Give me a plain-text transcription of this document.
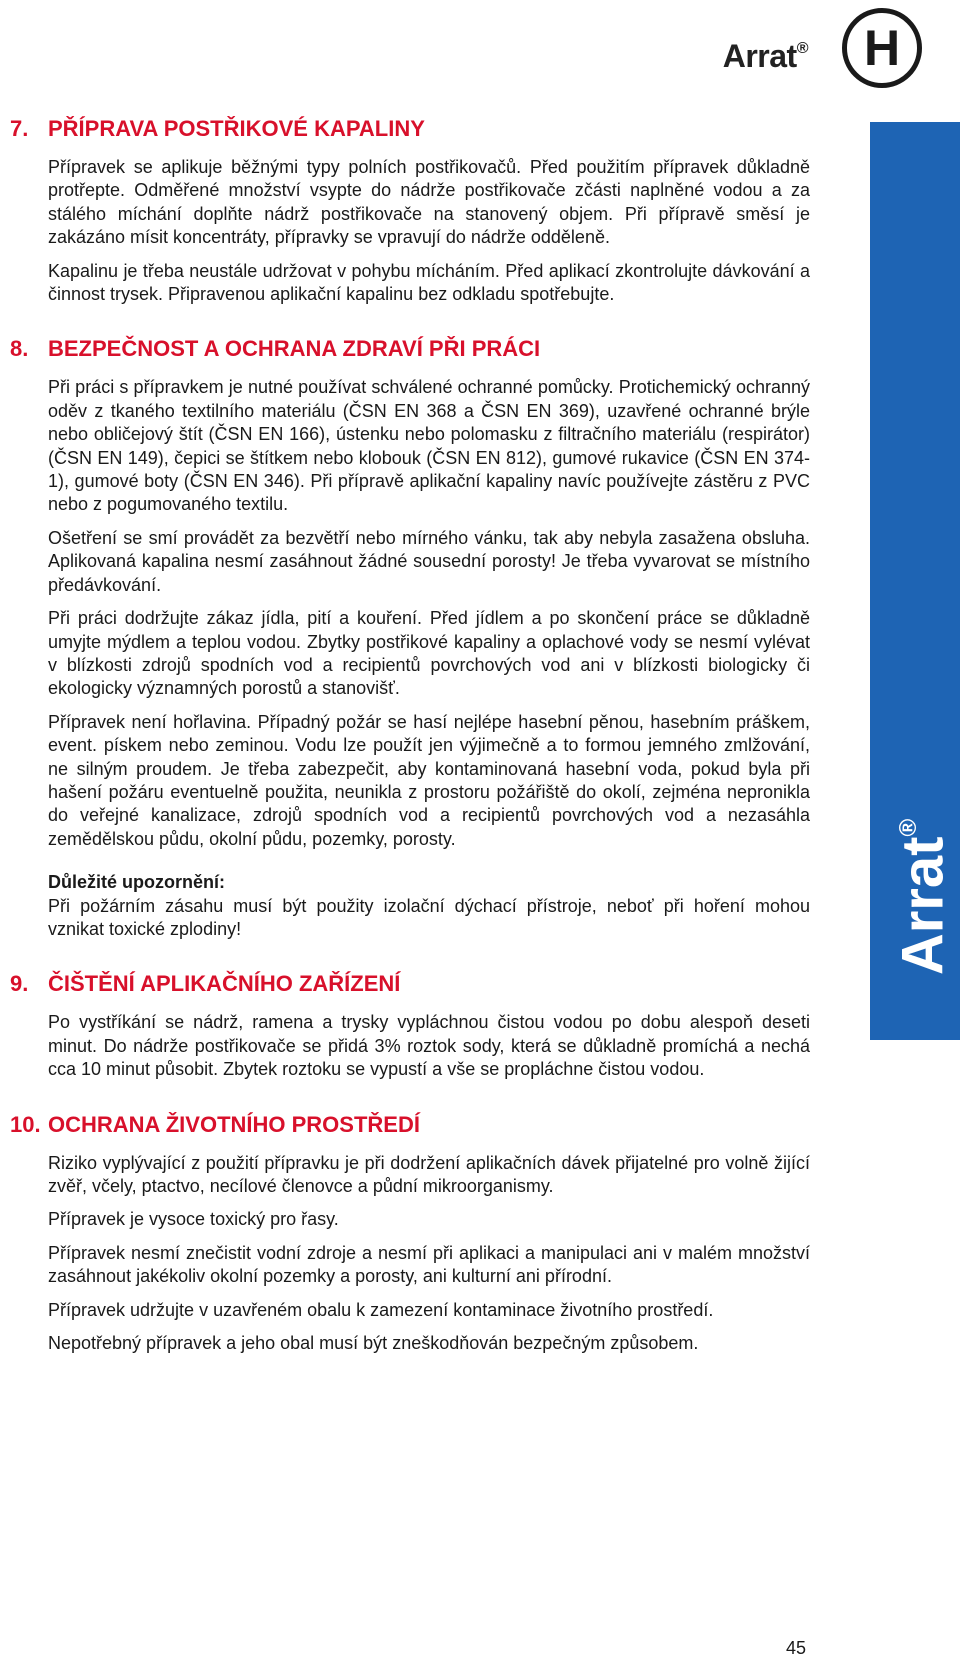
Arrat® H
Arrat®
7. PŘÍPRAVA POSTŘIKOVÉ KAPALINY

Přípravek se aplikuje běžnými typy polních postřikovačů. Před použitím přípravek důkladně protřepte. Odměřené množství vsypte do nádrže postřikovače zčásti naplněné vodou a za stálého míchání doplňte nádrž postřikovače na stanovený objem. Při přípravě směsí je zakázáno mísit koncentráty, přípravky se vpravují do nádrže odděleně.

Kapalinu je třeba neustále udržovat v pohybu mícháním. Před aplikací zkontrolujte dávkování a činnost trysek. Připravenou aplikační kapalinu bez odkladu spotřebujte.

8. BEZPEČNOST A OCHRANA ZDRAVÍ PŘI PRÁCI

Při práci s přípravkem je nutné používat schválené ochranné pomůcky. Protichemický ochranný oděv z tkaného textilního materiálu (ČSN EN 368 a ČSN EN 369), uzavřené ochranné brýle nebo obličejový štít (ČSN EN 166), ústenku nebo polomasku z filtračního materiálu (respirátor) (ČSN EN 149), čepici se štítkem nebo klobouk (ČSN EN 812), gumové rukavice (ČSN EN 374-1), gumové boty (ČSN EN 346). Při přípravě aplikační kapaliny navíc používejte zástěru z PVC nebo z pogumovaného textilu.

Ošetření se smí provádět za bezvětří nebo mírného vánku, tak aby nebyla zasažena obsluha. Aplikovaná kapalina nesmí zasáhnout žádné sousední porosty! Je třeba vyvarovat se místního předávkování.

Při práci dodržujte zákaz jídla, pití a kouření. Před jídlem a po skončení práce se důkladně umyjte mýdlem a teplou vodou. Zbytky postřikové kapaliny a oplachové vody se nesmí vylévat v blízkosti zdrojů spodních vod a recipientů povrchových vod ani v blízkosti biologicky či ekologicky významných porostů a stanovišť.

Přípravek není hořlavina. Případný požár se hasí nejlépe hasební pěnou, hasebním práškem, event. pískem nebo zeminou. Vodu lze použít jen výjimečně a to formou jemného zmlžování, ne silným proudem. Je třeba zabezpečit, aby kontaminovaná hasební voda, pokud byla při hašení požáru eventuelně použita, neunikla z prostoru požářiště do okolí, zejména nepronikla do veřejné kanalizace, zdrojů spodních vod a recipientů povrchových vod a nezasáhla zemědělskou půdu, okolní půdu, pozemky, porosty.

Důležité upozornění:
Při požárním zásahu musí být použity izolační dýchací přístroje, neboť při hoření mohou vznikat toxické zplodiny!

9. ČIŠTĚNÍ APLIKAČNÍHO ZAŘÍZENÍ

Po vystříkání se nádrž, ramena a trysky vypláchnou čistou vodou po dobu alespoň deseti minut. Do nádrže postřikovače se přidá 3% roztok sody, která se důkladně promíchá a nechá cca 10 minut působit. Zbytek roztoku se vypustí a vše se propláchne čistou vodou.

10. OCHRANA ŽIVOTNÍHO PROSTŘEDÍ

Riziko vyplývající z použití přípravku je při dodržení aplikačních dávek přijatelné pro volně žijící zvěř, včely, ptactvo, necílové členovce a půdní mikroorganismy.

Přípravek je vysoce toxický pro řasy.

Přípravek nesmí znečistit vodní zdroje a nesmí při aplikaci a manipulaci ani v malém množství zasáhnout jakékoliv okolní pozemky a porosty, ani kulturní ani přírodní.

Přípravek udržujte v uzavřeném obalu k zamezení kontaminace životního prostředí.

Nepotřebný přípravek a jeho obal musí být zneškodňován bezpečným způsobem.

45
